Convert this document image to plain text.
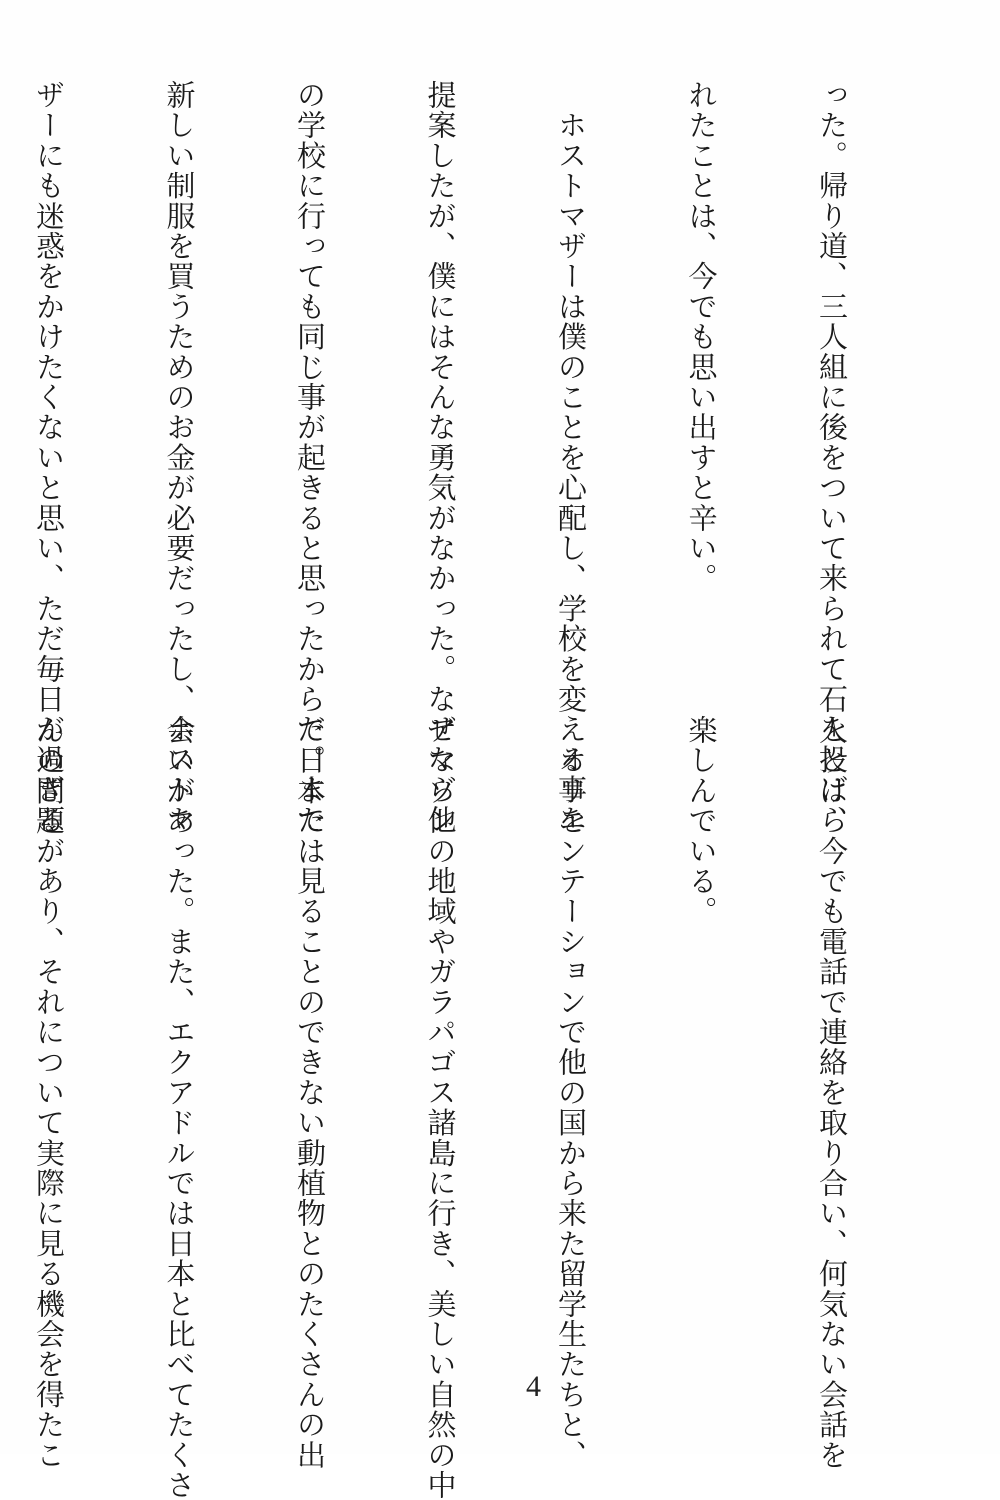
った。帰り道、三人組に後をついて来られて石を投げら

れたことは、今でも思い出すと辛い。

　ホストマザーは僕のことを心配し、学校を変える事を

提案したが、僕にはそんな勇気がなかった。なぜなら他

の学校に行っても同じ事が起きると思ったからだ。また

新しい制服を買うためのお金が必要だったし、ホストマ

ザーにも迷惑をかけたくないと思い、ただ毎日が過ぎる

人とは、今でも電話で連絡を取り合い、何気ない会話を

楽しんでいる。

　オリエンテーションで他の国から来た留学生たちと、

アマゾンの地域やガラパゴス諸島に行き、美しい自然の中

で日本では見ることのできない動植物とのたくさんの出

会いがあった。また、エクアドルでは日本と比べてたくさ

んの問題があり、それについて実際に見る機会を得たこ

	4
